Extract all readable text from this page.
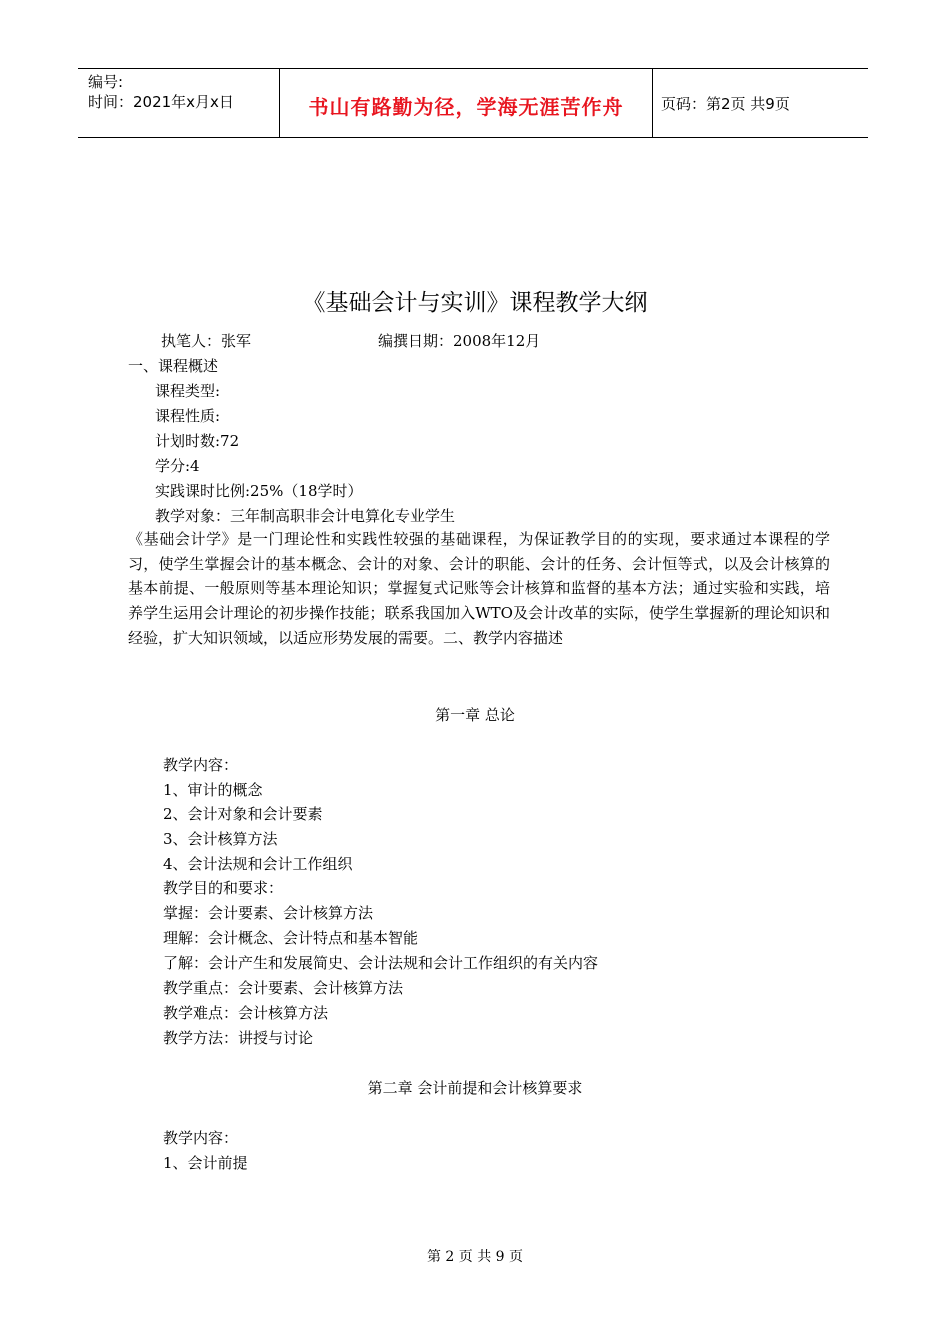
编号:
时间：2021年x月x日	书山有路勤为径，学海无涯苦作舟	页码：第2页 共9页
《基础会计与实训》课程教学大纲
执笔人：张军	编撰日期：2008年12月
一、课程概述
课程类型:
课程性质:
计划时数:72
学分:4
实践课时比例:25%（18学时）
教学对象：三年制高职非会计电算化专业学生
《基础会计学》是一门理论性和实践性较强的基础课程，为保证教学目的的实现，要求通过本课程的学习，使学生掌握会计的基本概念、会计的对象、会计的职能、会计的任务、会计恒等式，以及会计核算的基本前提、一般原则等基本理论知识；掌握复式记账等会计核算和监督的基本方法；通过实验和实践，培养学生运用会计理论的初步操作技能；联系我国加入WTO及会计改革的实际，使学生掌握新的理论知识和经验，扩大知识领域，以适应形势发展的需要。二、教学内容描述
第一章 总论
教学内容：
1、审计的概念
2、会计对象和会计要素
3、会计核算方法
4、会计法规和会计工作组织
教学目的和要求：
掌握：会计要素、会计核算方法
理解：会计概念、会计特点和基本智能
了解：会计产生和发展简史、会计法规和会计工作组织的有关内容
教学重点：会计要素、会计核算方法
教学难点：会计核算方法
教学方法：讲授与讨论
第二章 会计前提和会计核算要求
教学内容：
1、会计前提
第 2 页 共 9 页
